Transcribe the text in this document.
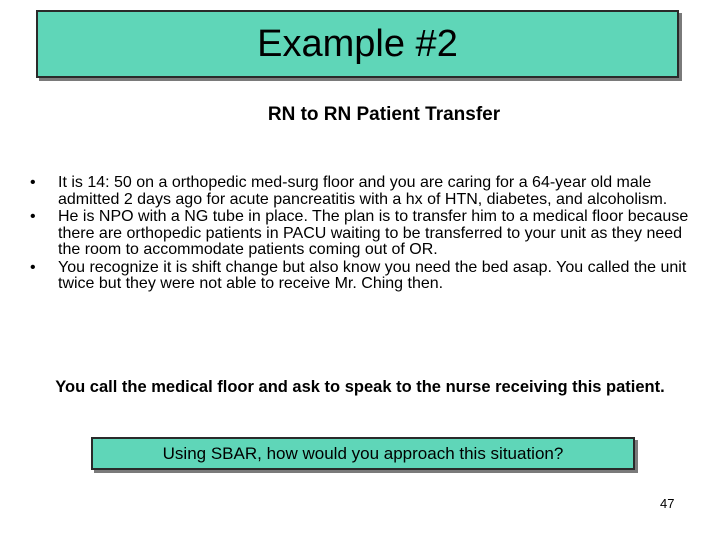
Example #2
RN to RN Patient Transfer
• It is 14: 50 on a orthopedic med-surg floor and you are caring for a 64-year old male admitted 2 days ago for acute pancreatitis with a hx of HTN, diabetes, and alcoholism.
• He is NPO with a NG tube in place. The plan is to transfer him to a medical floor because there are orthopedic patients in PACU waiting to be transferred to your unit as they need the room to accommodate patients coming out of OR.
• You recognize it is shift change but also know you need the bed asap. You called the unit twice but they were not able to receive Mr. Ching then.
You call the medical floor and ask to speak to the nurse receiving this patient.
Using SBAR, how would you approach this situation?
47
